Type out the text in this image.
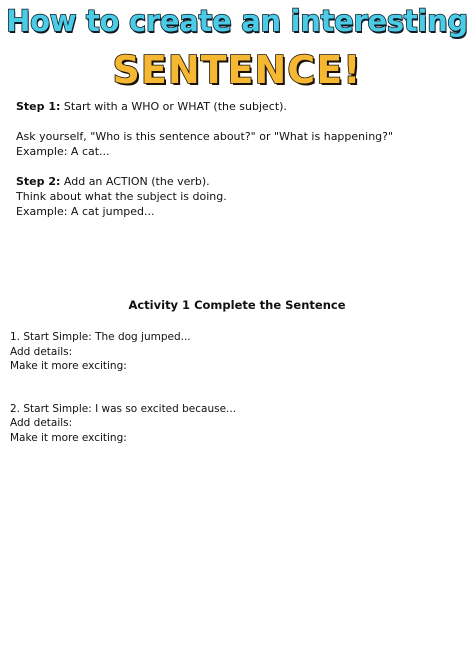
How to create an interesting
SENTENCE!

Step 1: Start with a WHO or WHAT (the subject).

Ask yourself, "Who is this sentence about?" or "What is happening?"

Example: A cat...

Step 2: Add an ACTION (the verb).

Think about what the subject is doing.

Example: A cat jumped...

Activity 1 Complete the Sentence

1. Start Simple: The dog jumped...

Add details:

Make it more exciting:

2. Start Simple: I was so excited because...

Add details:

Make it more exciting:
